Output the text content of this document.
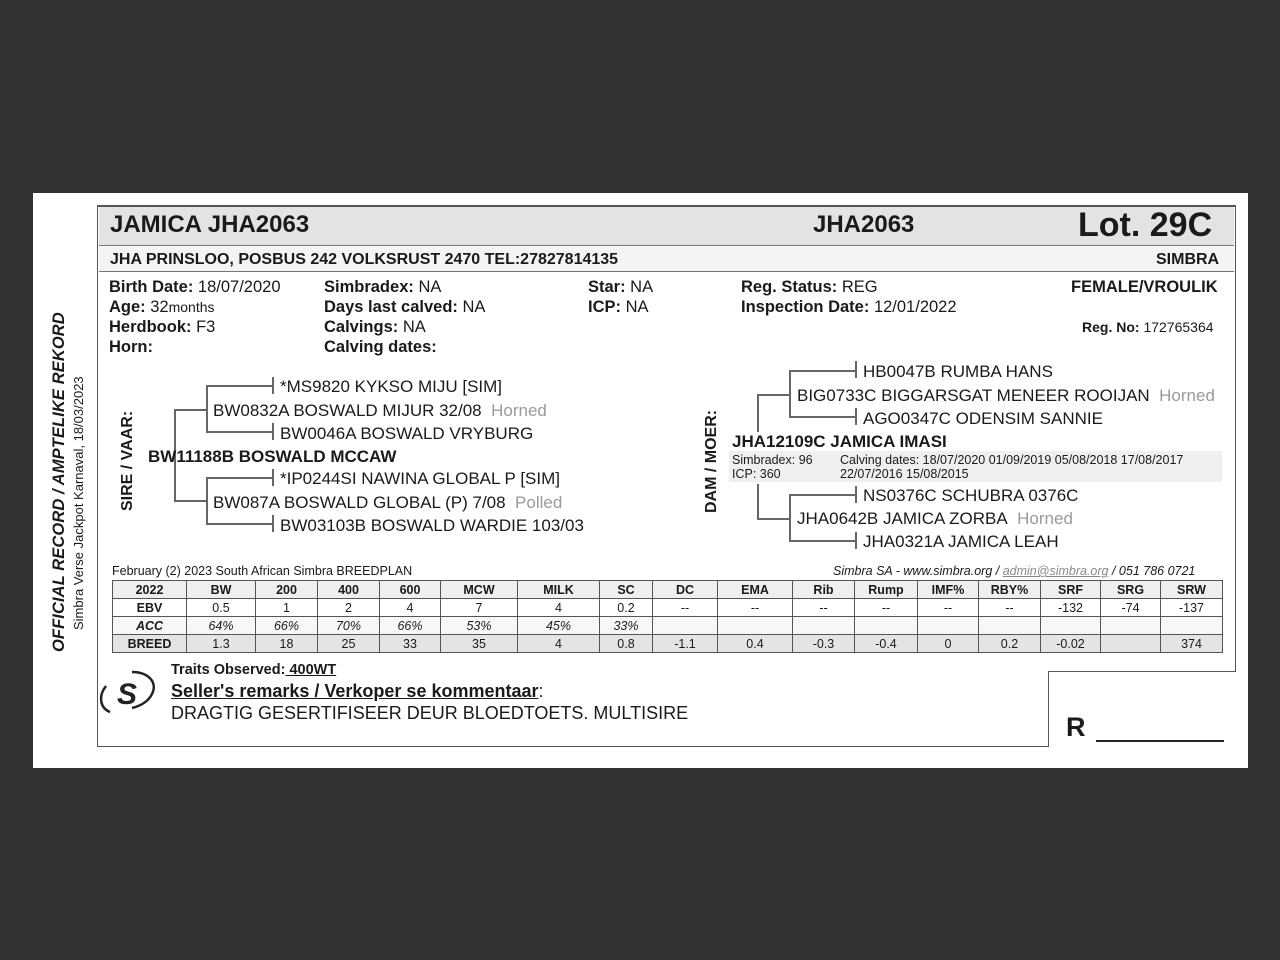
OFFICIAL RECORD / AMPTELIKE REKORD Simbra Verse Jackpot Karnaval, 18/03/2023
JAMICA JHA2063	JHA2063	Lot. 29C
JHA PRINSLOO, POSBUS 242 VOLKSRUST 2470 TEL:27827814135	SIMBRA
Birth Date: 18/07/2020
Age: 32months
Herdbook: F3
Horn:
Simbradex: NA
Days last calved: NA
Calvings: NA
Calving dates:
Star: NA
ICP: NA
Reg. Status: REG
Inspection Date: 12/01/2022
FEMALE/VROULIK
Reg. No: 172765364
SIRE / VAAR:
*MS9820 KYKSO MIJU [SIM]
BW0832A BOSWALD MIJUR 32/08 Horned
BW0046A BOSWALD VRYBURG
BW11188B BOSWALD MCCAW
*IP0244SI NAWINA GLOBAL P [SIM]
BW087A BOSWALD GLOBAL (P) 7/08 Polled
BW03103B BOSWALD WARDIE 103/03
DAM / MOER:
HB0047B RUMBA HANS
BIG0733C BIGGARSGAT MENEER ROOIJAN Horned
AGO0347C ODENSIM SANNIE
JHA12109C JAMICA IMASI
Simbradex: 96
ICP: 360
Calving dates: 18/07/2020 01/09/2019 05/08/2018 17/08/2017
22/07/2016 15/08/2015
NS0376C SCHUBRA 0376C
JHA0642B JAMICA ZORBA Horned
JHA0321A JAMICA LEAH
February (2) 2023 South African Simbra BREEDPLAN	Simbra SA - www.simbra.org / admin@simbra.org / 051 786 0721
2022	BW	200	400	600	MCW	MILK	SC	DC	EMA	Rib	Rump	IMF%	RBY%	SRF	SRG	SRW
EBV	0.5	1	2	4	7	4	0.2	--	--	--	--	--	--	-132	-74	-137
ACC	64%	66%	70%	66%	53%	45%	33%									
BREED	1.3	18	25	33	35	4	0.8	-1.1	0.4	-0.3	-0.4	0	0.2	-0.02		374
S
Traits Observed: 400WT
Seller's remarks / Verkoper se kommentaar:
DRAGTIG GESERTIFISEER DEUR BLOEDTOETS. MULTISIRE	R
